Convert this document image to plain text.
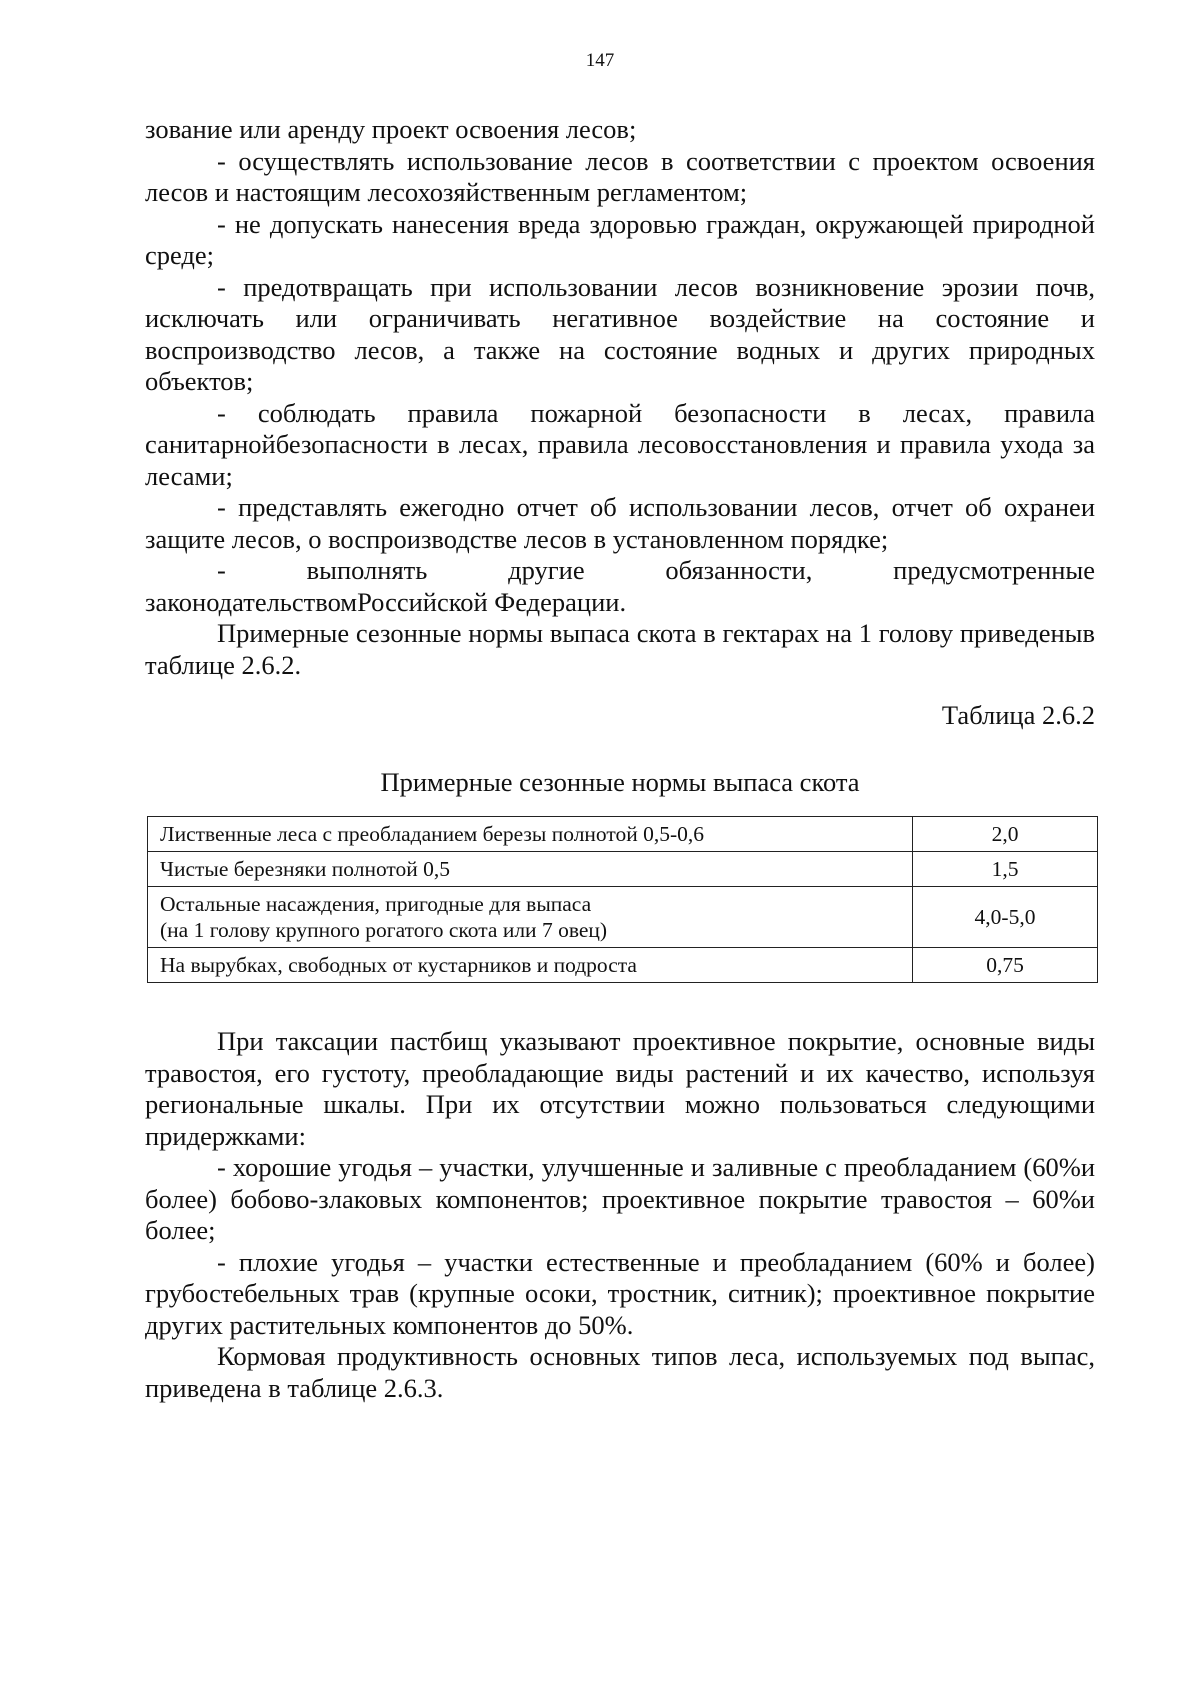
147

зование или аренду проект освоения лесов;

- осуществлять использование лесов в соответствии с проектом освоения лесов и настоящим лесохозяйственным регламентом;

- не допускать нанесения вреда здоровью граждан, окружающей природной среде;

- предотвращать при использовании лесов возникновение эрозии почв, исключать или ограничивать негативное воздействие на состояние и воспроизводство лесов, а также на состояние водных и других природных объектов;

- соблюдать правила пожарной безопасности в лесах, правила санитарнойбезопасности в лесах, правила лесовосстановления и правила ухода за лесами;

- представлять ежегодно отчет об использовании лесов, отчет об охранеи защите лесов, о воспроизводстве лесов в установленном порядке;

- выполнять другие обязанности, предусмотренные законодательствомРоссийской Федерации.

Примерные сезонные нормы выпаса скота в гектарах на 1 голову приведеныв таблице 2.6.2.

Таблица 2.6.2
Примерные сезонные нормы выпаса скота
Лиственные леса с преобладанием березы полнотой 0,5-0,6	2,0

Чистые березняки полнотой 0,5	1,5

Остальные насаждения, пригодные для выпаса
(на 1 голову крупного рогатого скота или 7 овец)	4,0-5,0

На вырубках, свободных от кустарников и подроста	0,75

При таксации пастбищ указывают проективное покрытие, основные виды травостоя, его густоту, преобладающие виды растений и их качество, используя региональные шкалы. При их отсутствии можно пользоваться следующими придержками:

- хорошие угодья – участки, улучшенные и заливные с преобладанием (60%и более) бобово-злаковых компонентов; проективное покрытие травостоя – 60%и более;

- плохие угодья – участки естественные и преобладанием (60% и более) грубостебельных трав (крупные осоки, тростник, ситник); проективное покрытие других растительных компонентов до 50%.

Кормовая продуктивность основных типов леса, используемых под выпас, приведена в таблице 2.6.3.
